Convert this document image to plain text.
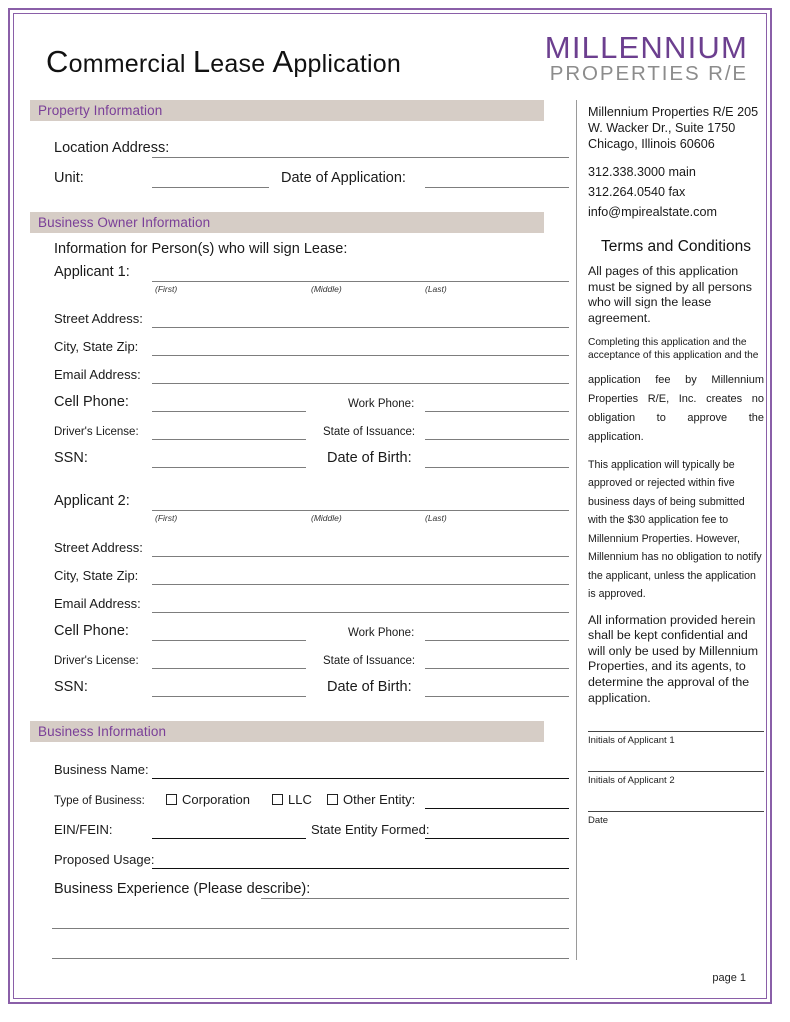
Commercial Lease Application	MILLENNIUM
PROPERTIES R/E
Property Information
Location Address:
Unit:	Date of Application:
Business Owner Information
Information for Person(s) who will sign Lease:
Applicant 1:
(First)	(Middle)	(Last)
Street Address:
City, State Zip:
Email Address:
Cell Phone:	Work Phone:
Driver's License:	State of Issuance:
SSN:	Date of Birth:
Applicant 2:
(First)	(Middle)	(Last)
Street Address:
City, State Zip:
Email Address:
Cell Phone:	Work Phone:
Driver's License:	State of Issuance:
SSN:	Date of Birth:
Business Information
Business Name:
Type of Business:	Corporation	LLC	Other Entity:
EIN/FEIN:	State Entity Formed:
Proposed Usage:
Business Experience (Please describe):
Millennium Properties R/E 205 W. Wacker Dr., Suite 1750 Chicago, Illinois 60606
312.338.3000 main
312.264.0540 fax
info@mpirealstate.com
Terms and Conditions

All pages of this application must be signed by all persons who will sign the lease agreement.

Completing this application and the acceptance of this application and the

application fee by Millennium Properties R/E, Inc. creates no obligation to approve the application.

This application will typically be approved or rejected within five business days of being submitted with the $30 application fee to Millennium Properties. However, Millennium has no obligation to notify the applicant, unless the application is approved.

All information provided herein shall be kept confidential and will only be used by Millennium Properties, and its agents, to determine the approval of the application.

Initials of Applicant 1
Initials of Applicant 2
Date
page 1
